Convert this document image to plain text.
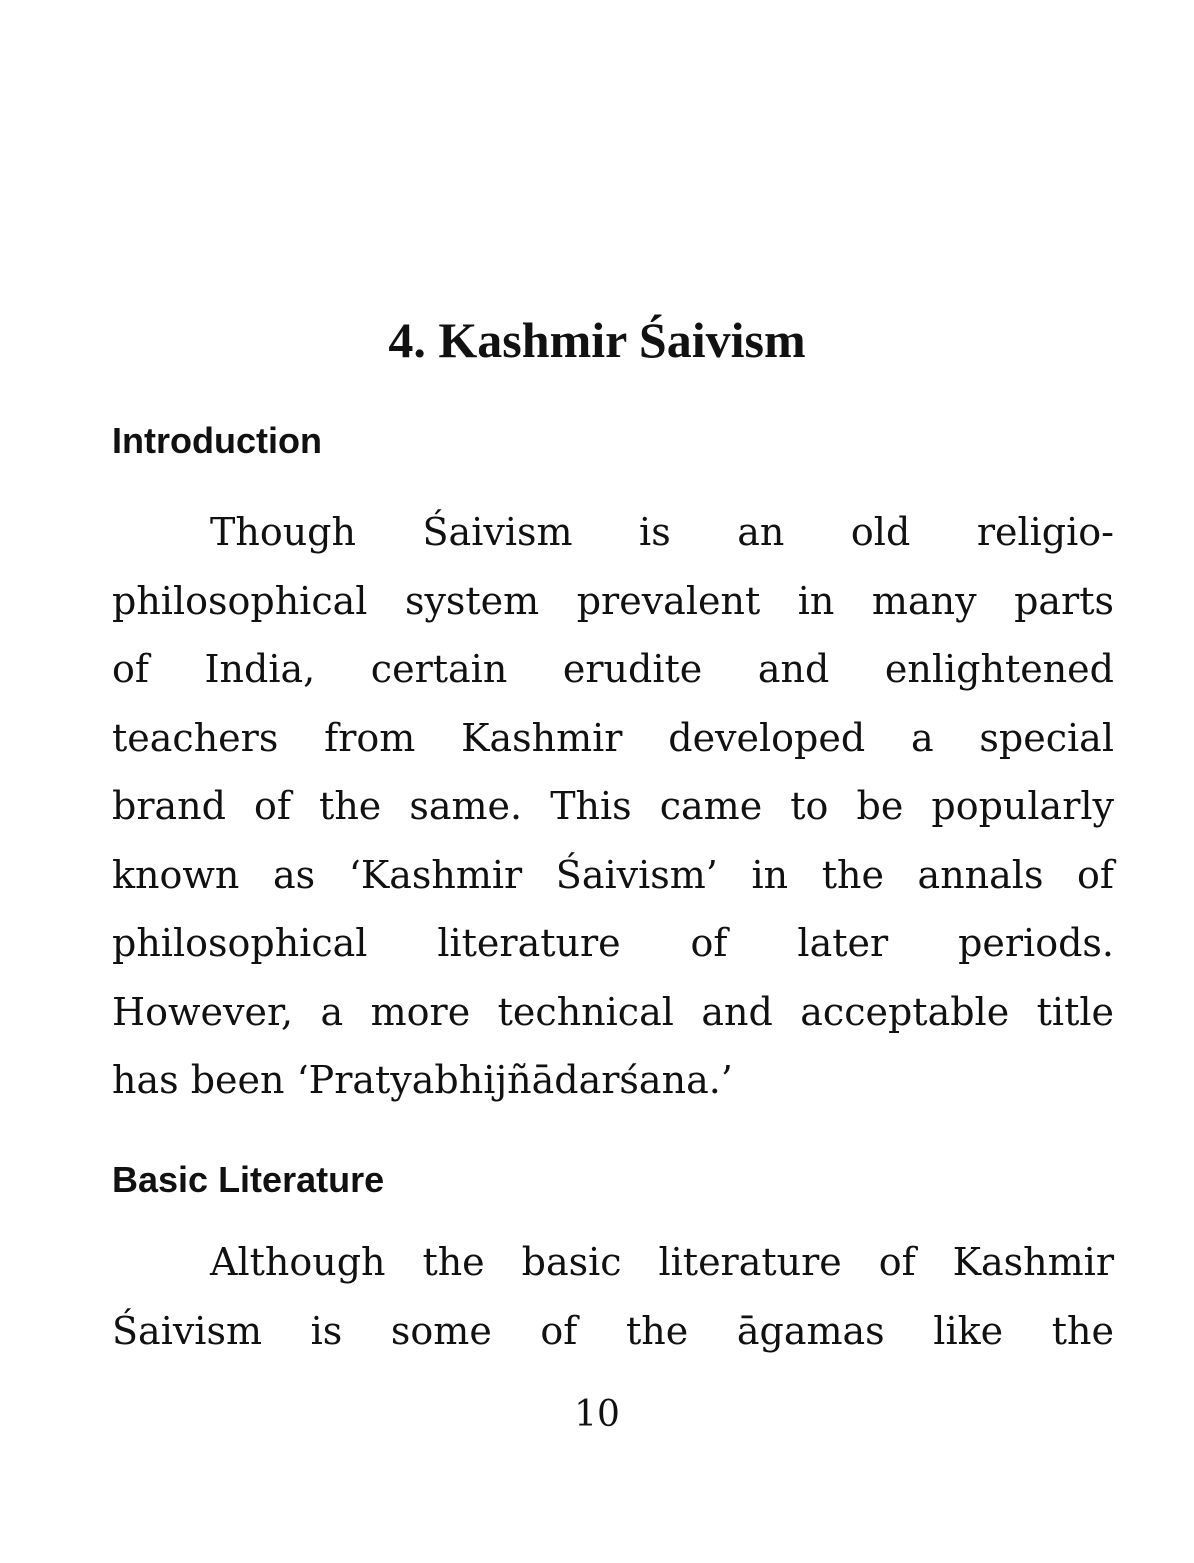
4. Kashmir Śaivism
Introduction
Though Śaivism is an old religio-
philosophical system prevalent in many parts
of India, certain erudite and enlightened
teachers from Kashmir developed a special
brand of the same. This came to be popularly
known as ‘Kashmir Śaivism’ in the annals of
philosophical literature of later periods.
However, a more technical and acceptable title
has been ‘Pratyabhijñādarśana.’
Basic Literature
Although the basic literature of Kashmir
Śaivism is some of the āgamas like the
10
